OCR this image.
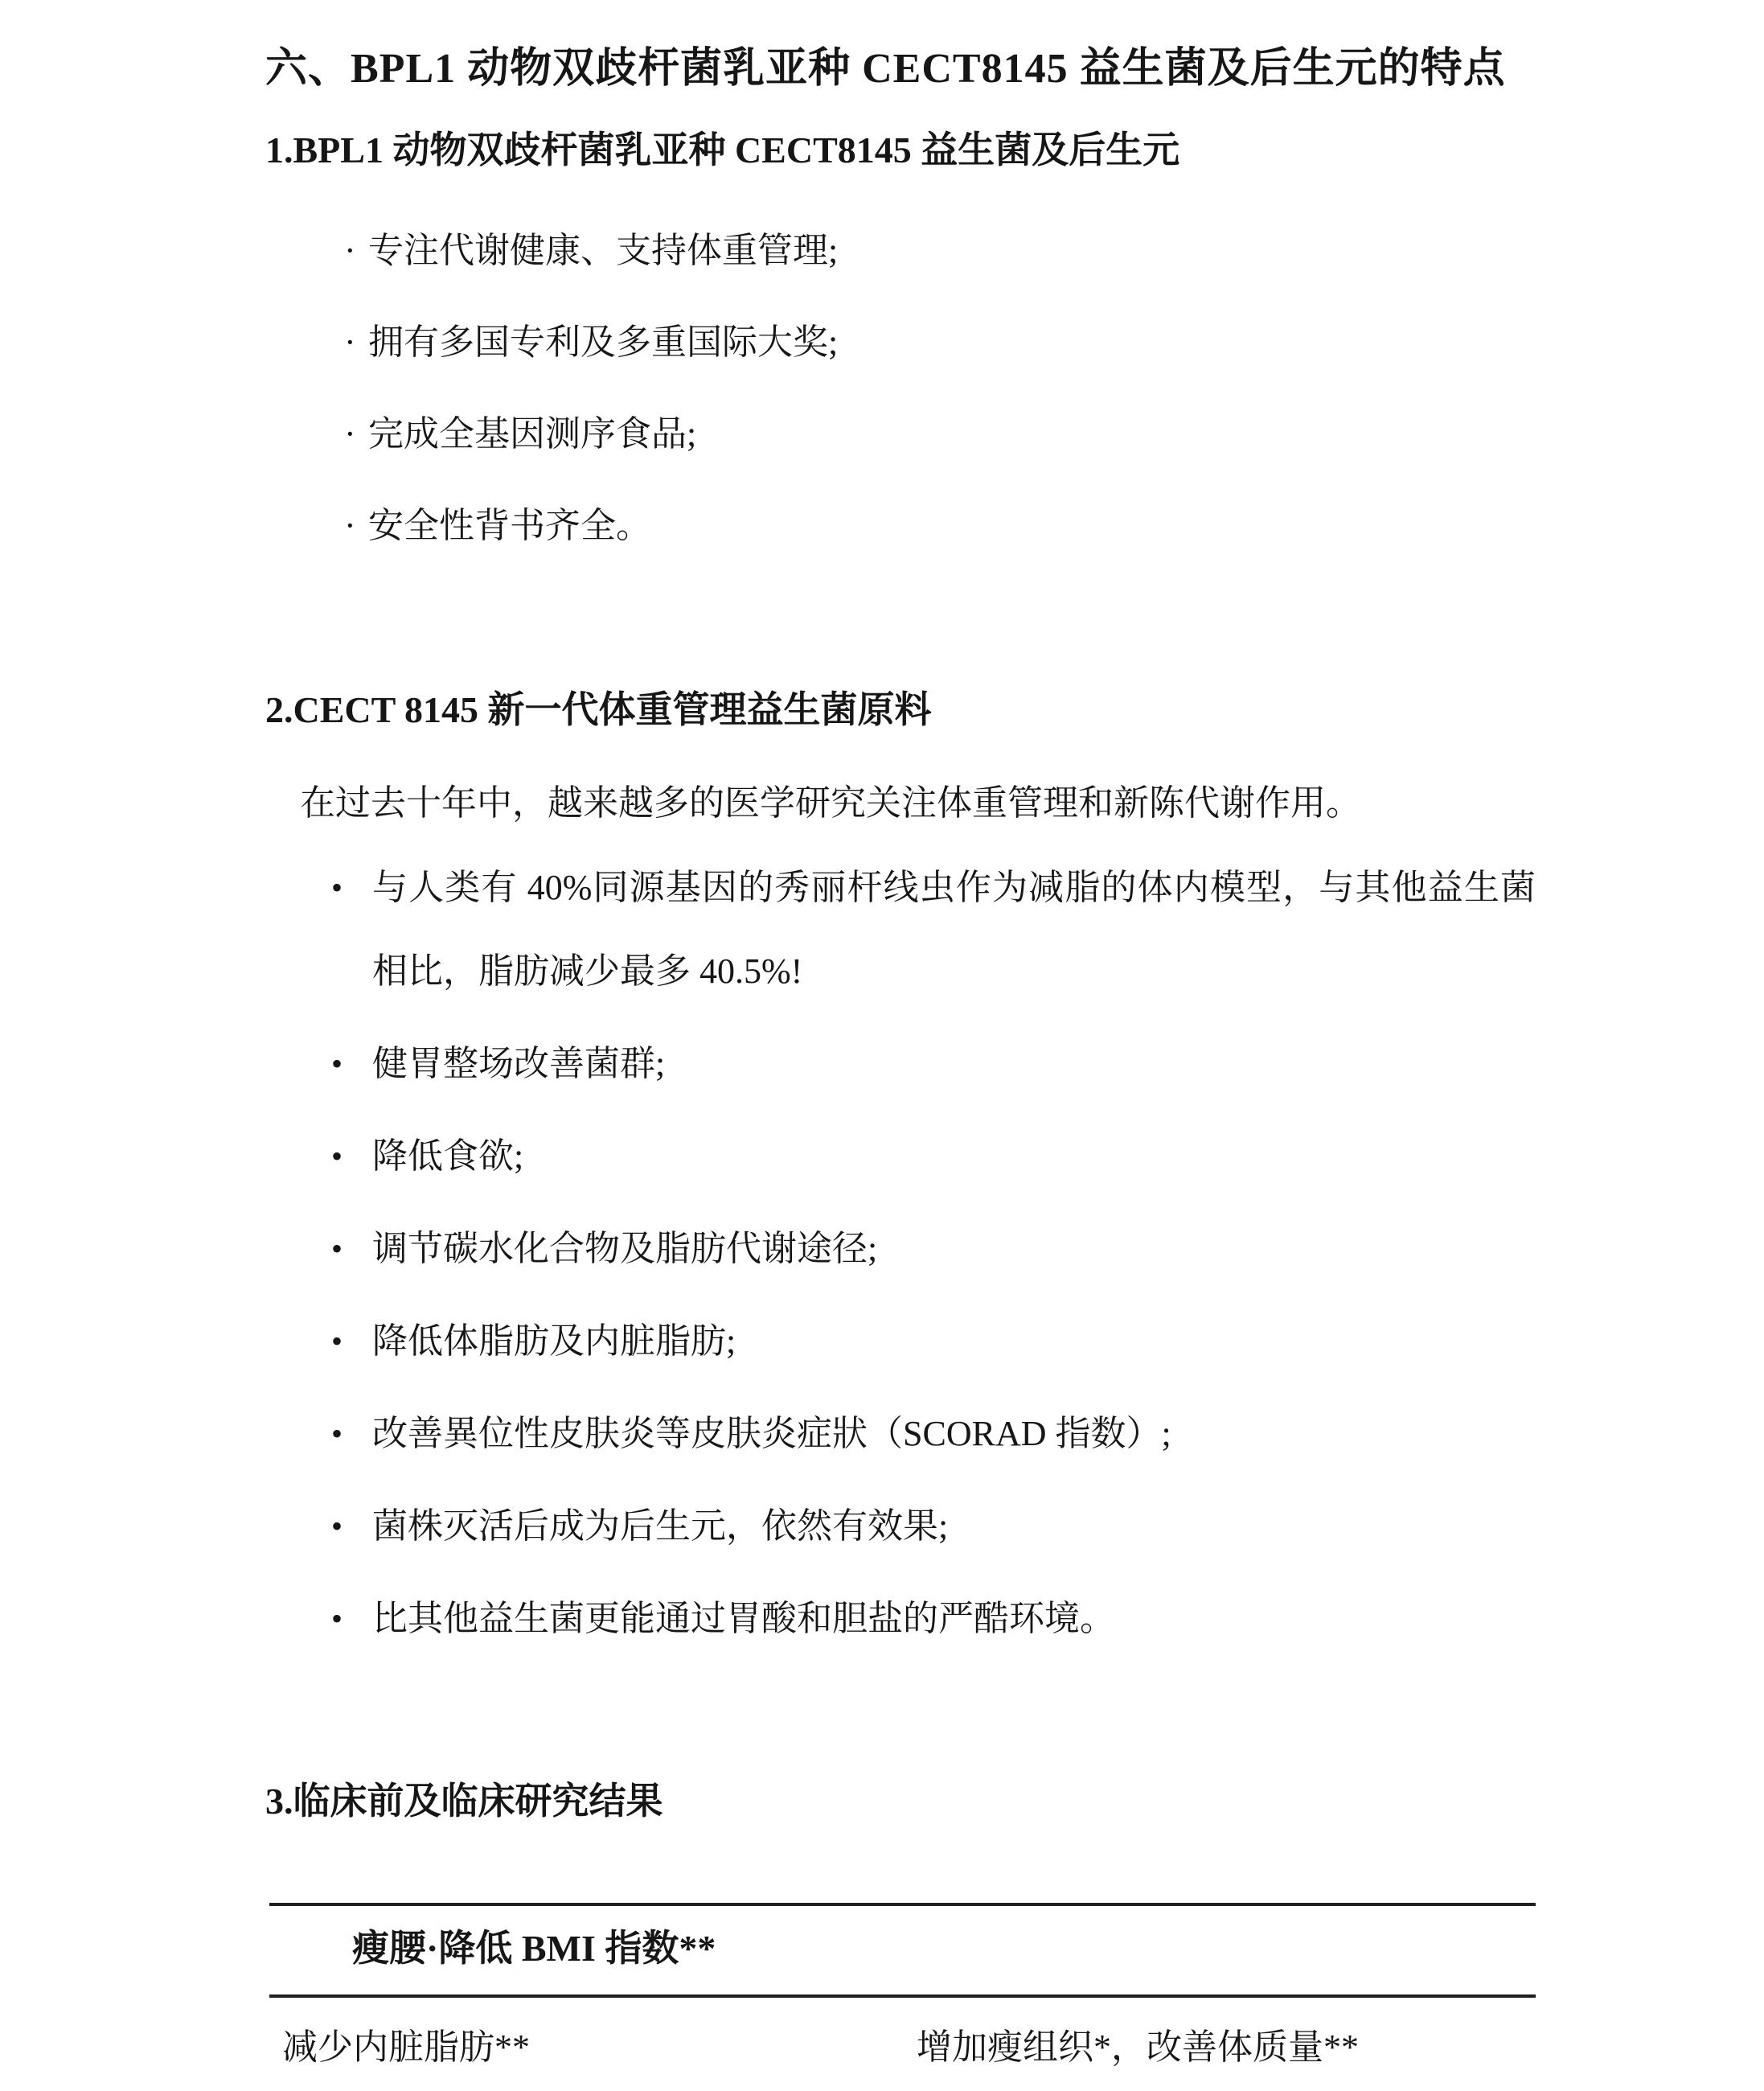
六、BPL1 动物双歧杆菌乳亚种 CECT8145 益生菌及后生元的特点
1.BPL1 动物双歧杆菌乳亚种 CECT8145 益生菌及后生元
· 专注代谢健康、支持体重管理;
· 拥有多国专利及多重国际大奖;
· 完成全基因测序食品;
· 安全性背书齐全。
2.CECT 8145 新一代体重管理益生菌原料
在过去十年中，越来越多的医学研究关注体重管理和新陈代谢作用。
• 与人类有 40%同源基因的秀丽杆线虫作为减脂的体内模型，与其他益生菌相比，脂肪减少最多 40.5%!
• 健胃整场改善菌群;
• 降低食欲;
• 调节碳水化合物及脂肪代谢途径;
• 降低体脂肪及内脏脂肪;
• 改善異位性皮肤炎等皮肤炎症狀（SCORAD 指数）;
• 菌株灭活后成为后生元，依然有效果;
• 比其他益生菌更能通过胃酸和胆盐的严酷环境。
3.临床前及临床研究结果
瘦腰·降低 BMI 指数**
减少内脏脂肪**	增加瘦组织*，改善体质量**
